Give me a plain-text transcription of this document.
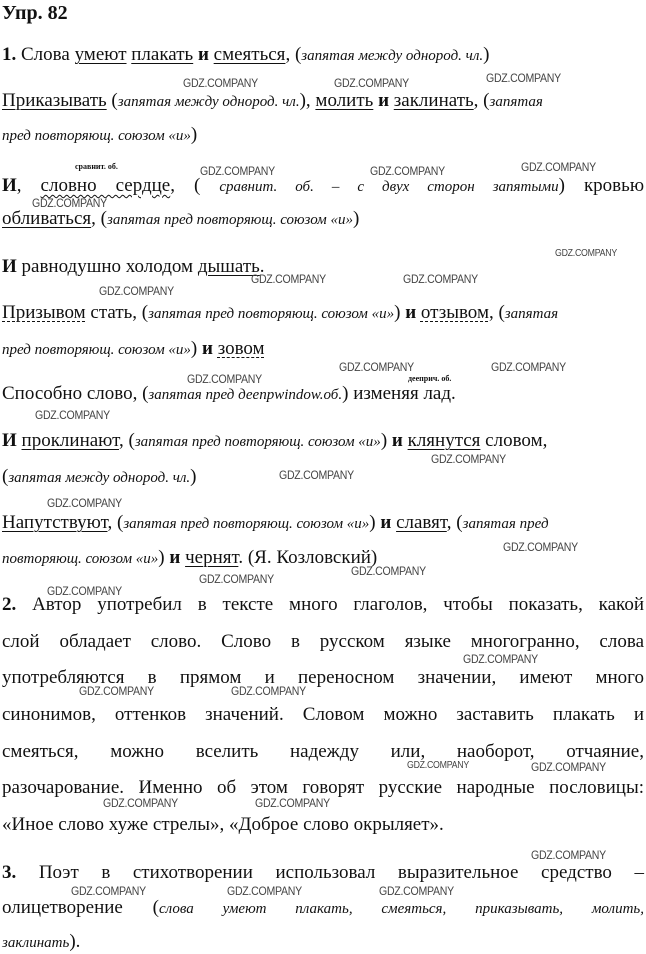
Упр. 82
1. Слова умеют плакать и смеяться, (запятая между однород. чл.)
Приказывать (запятая между однород. чл.), молить и заклинать, (запятая
пред повторяющ. союзом «и»)
сравнит. об.
И, словно сердце, ( сравнит. об. – с двух сторон запятыми) кровью
обливаться, (запятая пред повторяющ. союзом «и»)
И равнодушно холодом дышать.
Призывом стать, (запятая пред повторяющ. союзом «и») и отзывом, (запятая
пред повторяющ. союзом «и») и зовом
дееприч. об.
Способно слово, (запятая пред деепрwindow.об.) изменяя лад.
И проклинают, (запятая пред повторяющ. союзом «и») и клянутся словом,
(запятая между однород. чл.)
Напутствуют, (запятая пред повторяющ. союзом «и») и славят, (запятая пред
повторяющ. союзом «и») и чернят. (Я. Козловский)
2. Автор употребил в тексте много глаголов, чтобы показать, какой
слой обладает слово. Слово в русском языке многогранно, слова
употребляются в прямом и переносном значении, имеют много
синонимов, оттенков значений. Словом можно заставить плакать и
смеяться, можно вселить надежду или, наоборот, отчаяние,
разочарование. Именно об этом говорят русские народные пословицы:
«Иное слово хуже стрелы», «Доброе слово окрыляет».
3. Поэт в стихотворении использовал выразительное средство –
олицетворение (слова умеют плакать, смеяться, приказывать, молить,
заклинать).
GDZ.COMPANY	GDZ.COMPANY	GDZ.COMPANY
GDZ.COMPANY	GDZ.COMPANY	GDZ.COMPANY
GDZ.COMPANY
GDZ.COMPANY
GDZ.COMPANY	GDZ.COMPANY
GDZ.COMPANY
GDZ.COMPANY	GDZ.COMPANY
GDZ.COMPANY
GDZ.COMPANY
GDZ.COMPANY
GDZ.COMPANY
GDZ.COMPANY
GDZ.COMPANY
GDZ.COMPANY
GDZ.COMPANY
GDZ.COMPANY
GDZ.COMPANY
GDZ.COMPANY	GDZ.COMPANY
GDZ.COMPANY	GDZ.COMPANY
GDZ.COMPANY	GDZ.COMPANY
GDZ.COMPANY
GDZ.COMPANY	GDZ.COMPANY	GDZ.COMPANY
